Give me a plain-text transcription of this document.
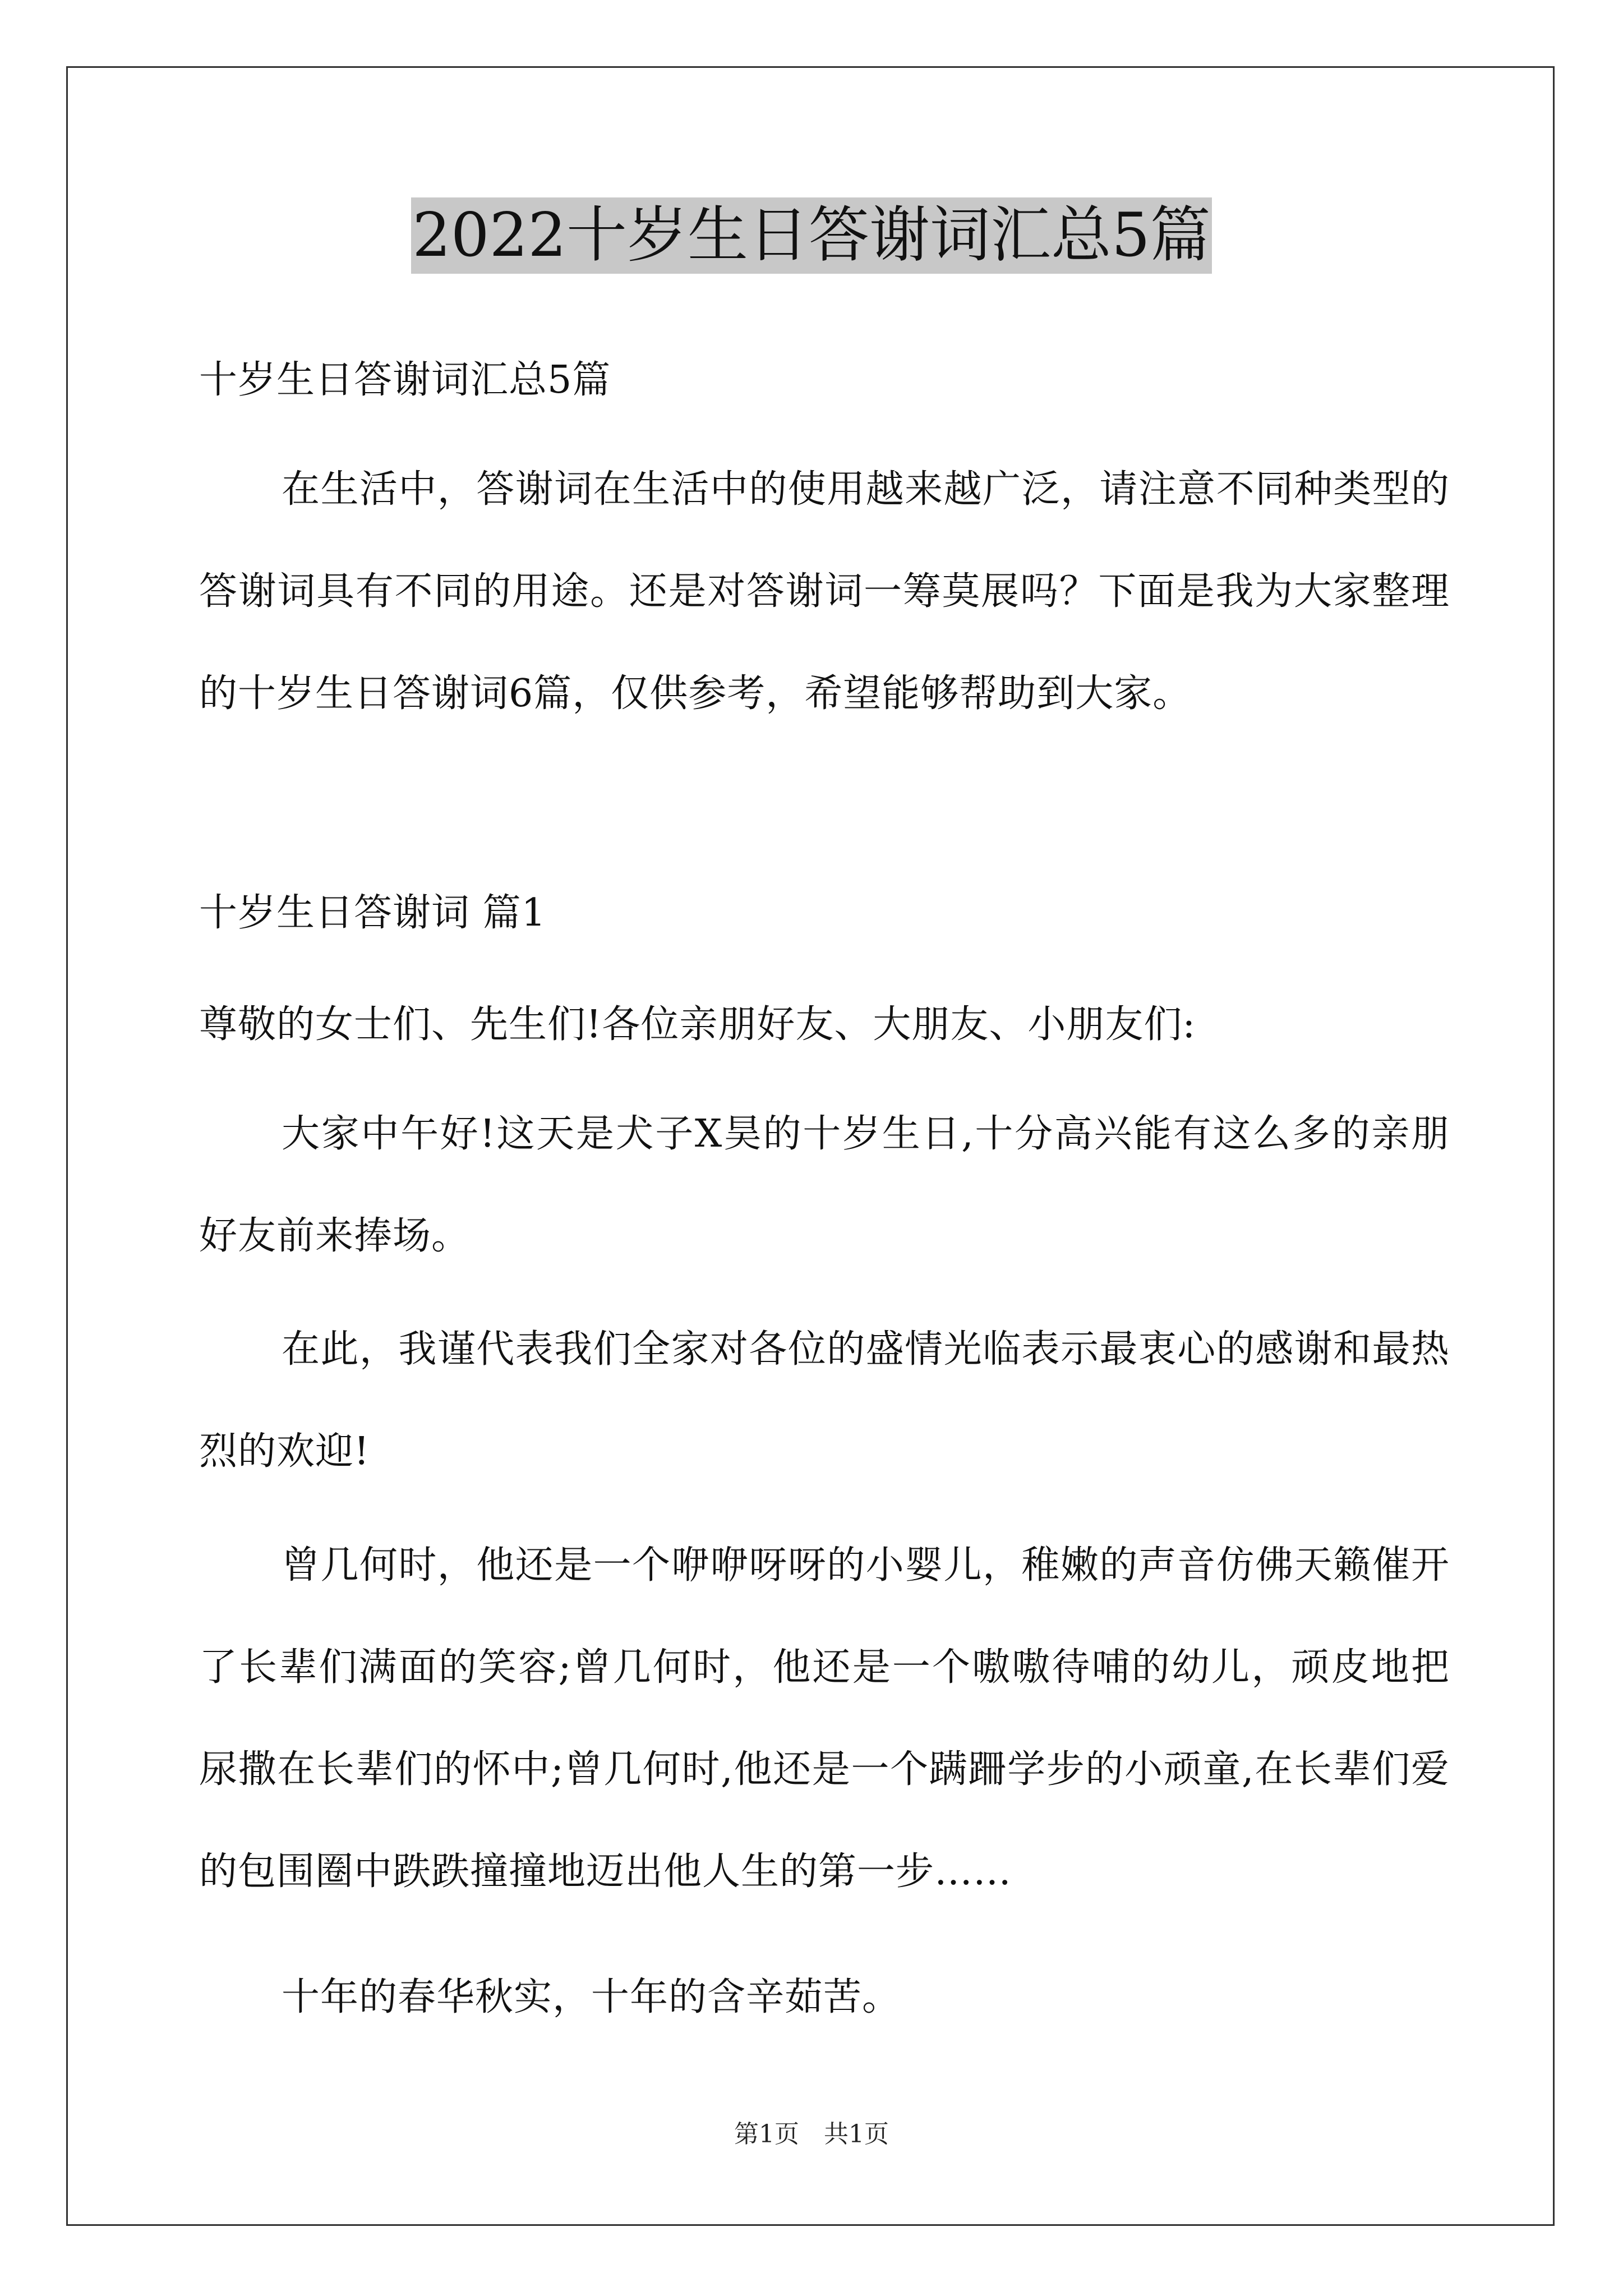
2022十岁生日答谢词汇总5篇

十岁生日答谢词汇总5篇

在生活中，答谢词在生活中的使用越来越广泛，请注意不同种类型的答谢词具有不同的用途。还是对答谢词一筹莫展吗？下面是我为大家整理的十岁生日答谢词6篇，仅供参考，希望能够帮助到大家。

十岁生日答谢词 篇1

尊敬的女士们、先生们!各位亲朋好友、大朋友、小朋友们:

大家中午好!这天是犬子X昊的十岁生日,十分高兴能有这么多的亲朋好友前来捧场。

在此，我谨代表我们全家对各位的盛情光临表示最衷心的感谢和最热烈的欢迎!

曾几何时，他还是一个咿咿呀呀的小婴儿，稚嫩的声音仿佛天籁催开了长辈们满面的笑容;曾几何时，他还是一个嗷嗷待哺的幼儿，顽皮地把尿撒在长辈们的怀中;曾几何时,他还是一个蹒跚学步的小顽童,在长辈们爱的包围圈中跌跌撞撞地迈出他人生的第一步……

十年的春华秋实，十年的含辛茹苦。

第1页　共1页
